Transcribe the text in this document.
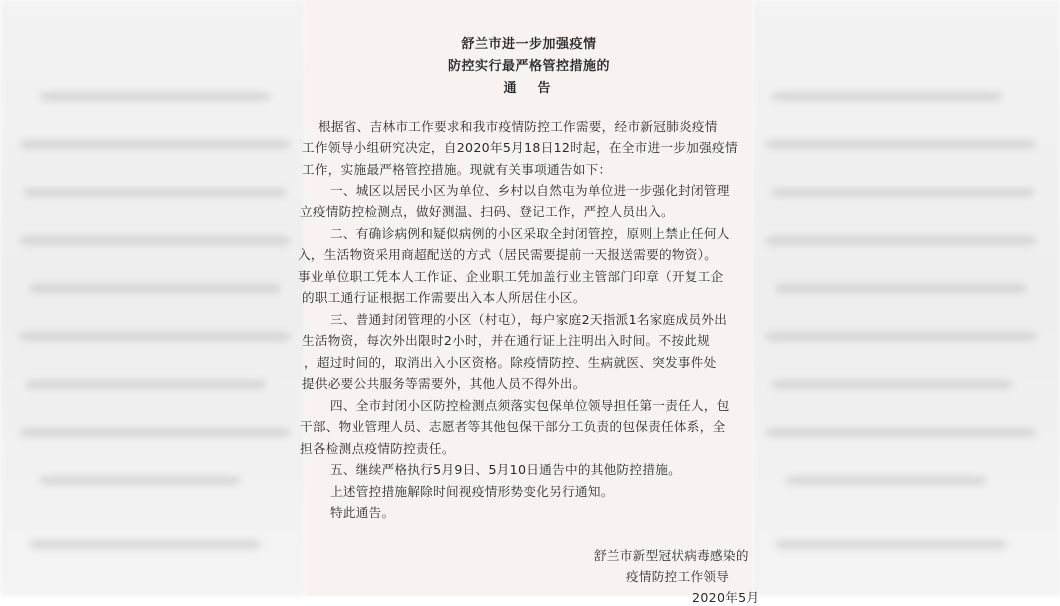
舒兰市进一步加强疫情
防控实行最严格管控措施的
通　告
根据省、吉林市工作要求和我市疫情防控工作需要，经市新冠肺炎疫情
工作领导小组研究决定，自2020年5月18日12时起，在全市进一步加强疫情
工作，实施最严格管控措施。现就有关事项通告如下：
一、城区以居民小区为单位、乡村以自然屯为单位进一步强化封闭管理
立疫情防控检测点，做好测温、扫码、登记工作，严控人员出入。
二、有确诊病例和疑似病例的小区采取全封闭管控，原则上禁止任何人
入，生活物资采用商超配送的方式（居民需要提前一天报送需要的物资）。
事业单位职工凭本人工作证、企业职工凭加盖行业主管部门印章（开复工企
的职工通行证根据工作需要出入本人所居住小区。
三、普通封闭管理的小区（村屯），每户家庭2天指派1名家庭成员外出
生活物资，每次外出限时2小时，并在通行证上注明出入时间。不按此规
，超过时间的，取消出入小区资格。除疫情防控、生病就医、突发事件处
提供必要公共服务等需要外，其他人员不得外出。
四、全市封闭小区防控检测点须落实包保单位领导担任第一责任人，包
干部、物业管理人员、志愿者等其他包保干部分工负责的包保责任体系，全
担各检测点疫情防控责任。
五、继续严格执行5月9日、5月10日通告中的其他防控措施。
上述管控措施解除时间视疫情形势变化另行通知。
特此通告。
舒兰市新型冠状病毒感染的
疫情防控工作领导
2020年5月
